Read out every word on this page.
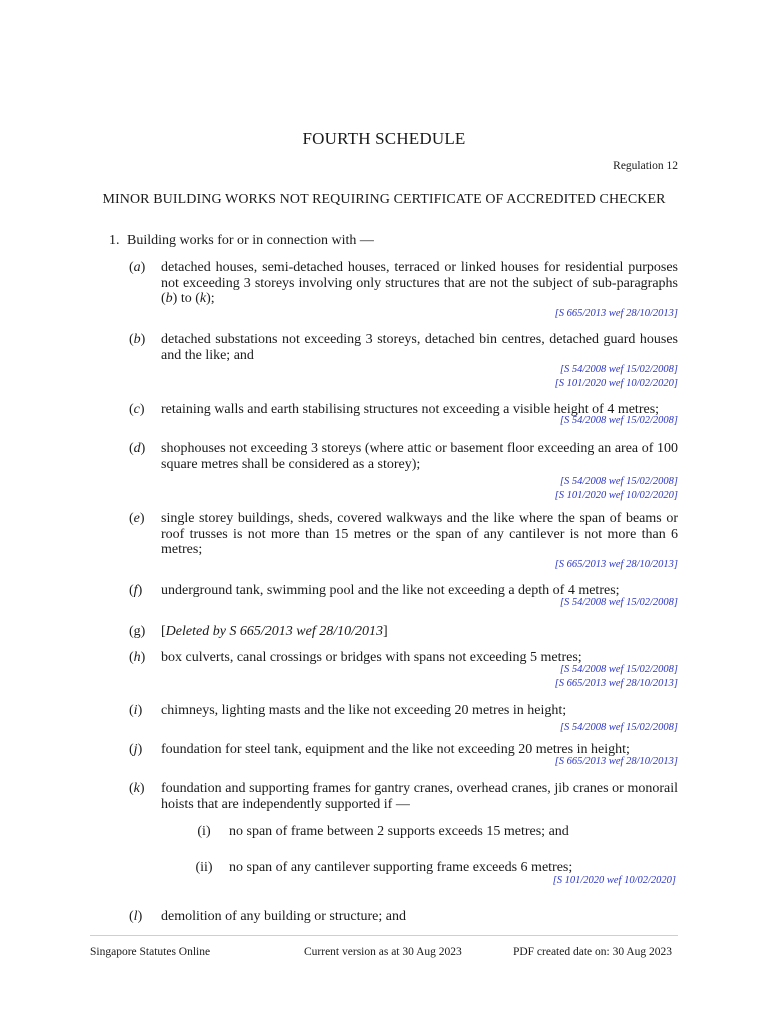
FOURTH SCHEDULE
Regulation 12
MINOR BUILDING WORKS NOT REQUIRING CERTIFICATE OF ACCREDITED CHECKER
1. Building works for or in connection with —
(a)	detached houses, semi-detached houses, terraced or linked houses for residential purposes not exceeding 3 storeys involving only structures that are not the subject of sub-paragraphs (b) to (k);
[S 665/2013 wef 28/10/2013]
(b)	detached substations not exceeding 3 storeys, detached bin centres, detached guard houses and the like; and
[S 54/2008 wef 15/02/2008]
[S 101/2020 wef 10/02/2020]
(c)	retaining walls and earth stabilising structures not exceeding a visible height of 4 metres;
[S 54/2008 wef 15/02/2008]
(d)	shophouses not exceeding 3 storeys (where attic or basement floor exceeding an area of 100 square metres shall be considered as a storey);
[S 54/2008 wef 15/02/2008]
[S 101/2020 wef 10/02/2020]
(e)	single storey buildings, sheds, covered walkways and the like where the span of beams or roof trusses is not more than 15 metres or the span of any cantilever is not more than 6 metres;
[S 665/2013 wef 28/10/2013]
(f)	underground tank, swimming pool and the like not exceeding a depth of 4 metres;
[S 54/2008 wef 15/02/2008]
(g)	[Deleted by S 665/2013 wef 28/10/2013]
(h)	box culverts, canal crossings or bridges with spans not exceeding 5 metres;
[S 54/2008 wef 15/02/2008]
[S 665/2013 wef 28/10/2013]
(i)	chimneys, lighting masts and the like not exceeding 20 metres in height;
[S 54/2008 wef 15/02/2008]
(j)	foundation for steel tank, equipment and the like not exceeding 20 metres in height;
[S 665/2013 wef 28/10/2013]
(k)	foundation and supporting frames for gantry cranes, overhead cranes, jib cranes or monorail hoists that are independently supported if —
(i)	no span of frame between 2 supports exceeds 15 metres; and
(ii)	no span of any cantilever supporting frame exceeds 6 metres;
[S 101/2020 wef 10/02/2020]
(l)	demolition of any building or structure; and
Singapore Statutes Online	Current version as at 30 Aug 2023	PDF created date on: 30 Aug 2023
